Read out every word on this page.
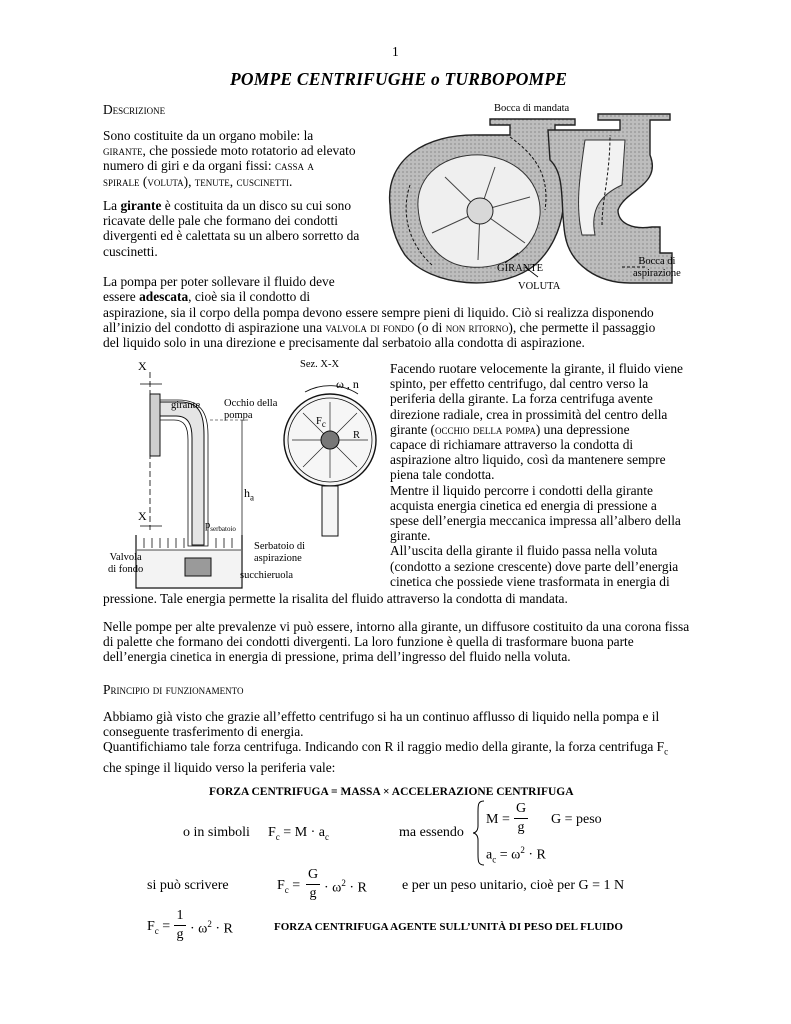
1
POMPE CENTRIFUGHE o TURBOPOMPE
Descrizione
Sono costituite da un organo mobile: la
girante, che possiede moto rotatorio ad elevato
numero di giri e da organi fissi: cassa a
spirale (voluta), tenute, cuscinetti.
La girante è costituita da un disco su cui sono
ricavate delle pale che formano dei condotti
divergenti ed è calettata su un albero sorretto da
cuscinetti.
La pompa per poter sollevare il fluido deve
essere adescata, cioè sia il condotto di
aspirazione, sia il corpo della pompa devono essere sempre pieni di liquido. Ciò si realizza disponendo
all’inizio del condotto di aspirazione una valvola di fondo (o di non ritorno), che permette il passaggio
del liquido solo in una direzione e precisamente dal serbatoio alla condotta di aspirazione.
Bocca di mandata
GIRANTE
VOLUTA
Bocca di
aspirazione
X
X
Sez. X-X
ω , n
girante Occhio della
pompa
$F_c$
R
$h_a$
$p_{serbatoio}$
Serbatoio di
aspirazione
Valvola
di fondo
succhieruola
Facendo ruotare velocemente la girante, il fluido viene
spinto, per effetto centrifugo, dal centro verso la
periferia della girante. La forza centrifuga avente
direzione radiale, crea in prossimità del centro della
girante (occhio della pompa) una depressione
capace di richiamare attraverso la condotta di
aspirazione altro liquido, così da mantenere sempre
piena tale condotta.
Mentre il liquido percorre i condotti della girante
acquista energia cinetica ed energia di pressione a
spese dell’energia meccanica impressa all’albero della
girante.
All’uscita della girante il fluido passa nella voluta
(condotto a sezione crescente) dove parte dell’energia
cinetica che possiede viene trasformata in energia di
pressione. Tale energia permette la risalita del fluido attraverso la condotta di mandata.
Nelle pompe per alte prevalenze vi può essere, intorno alla girante, un diffusore costituito da una corona fissa
di palette che formano dei condotti divergenti. La loro funzione è quella di trasformare buona parte
dell’energia cinetica in energia di pressione, prima dell’ingresso del fluido nella voluta.
Principio di funzionamento
Abbiamo già visto che grazie all’effetto centrifugo si ha un continuo afflusso di liquido nella pompa e il
conseguente trasferimento di energia.
Quantifichiamo tale forza centrifuga. Indicando con R il raggio medio della girante, la forza centrifuga $F_c$
che spinge il liquido verso la periferia vale:
FORZA CENTRIFUGA = MASSA × ACCELERAZIONE CENTRIFUGA
o in simboli $F_c = M \cdot a_c$	ma essendo
M =
G
g
G = peso
$a_c = \omega^2 \cdot R$
si può scrivere	$F_c$ =
G
$g \cdot \omega^2 \cdot R$	e per un peso unitario, cioè per G = 1 N
$F_c$ =
1
$g \cdot \omega^2 \cdot R$	FORZA CENTRIFUGA AGENTE SULL’UNITÀ DI PESO DEL FLUIDO
